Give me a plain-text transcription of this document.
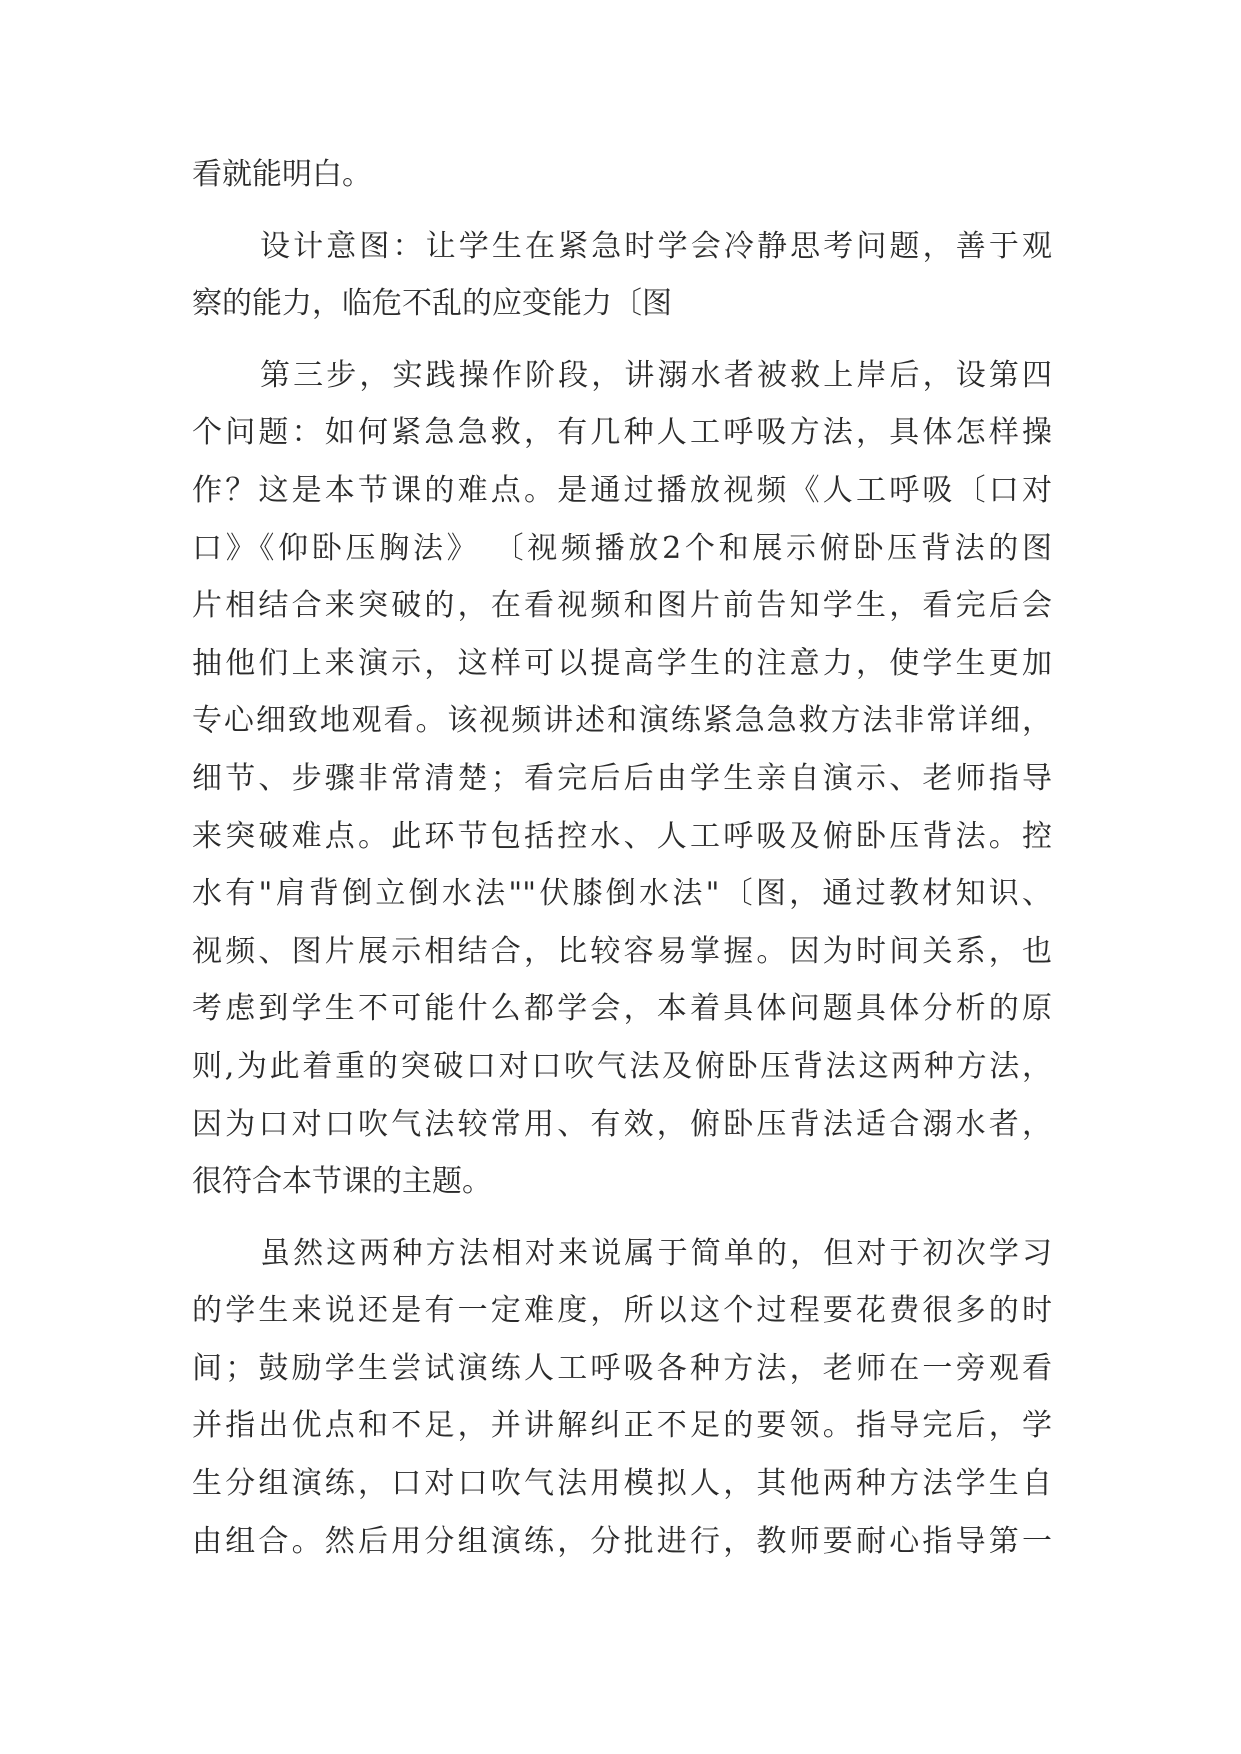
看就能明白。
设计意图：让学生在紧急时学会冷静思考问题，善于观
察的能力，临危不乱的应变能力〔图
第三步，实践操作阶段，讲溺水者被救上岸后，设第四
个问题：如何紧急急救，有几种人工呼吸方法，具体怎样操
作？这是本节课的难点。是通过播放视频《人工呼吸〔口对
口》《仰卧压胸法》 〔视频播放2个和展示俯卧压背法的图
片相结合来突破的，在看视频和图片前告知学生，看完后会
抽他们上来演示，这样可以提高学生的注意力，使学生更加
专心细致地观看。该视频讲述和演练紧急急救方法非常详细，
细节、步骤非常清楚；看完后后由学生亲自演示、老师指导
来突破难点。此环节包括控水、人工呼吸及俯卧压背法。控
水有"肩背倒立倒水法""伏膝倒水法"〔图，通过教材知识、
视频、图片展示相结合，比较容易掌握。因为时间关系，也
考虑到学生不可能什么都学会，本着具体问题具体分析的原
则,为此着重的突破口对口吹气法及俯卧压背法这两种方法，
因为口对口吹气法较常用、有效，俯卧压背法适合溺水者，
很符合本节课的主题。
虽然这两种方法相对来说属于简单的，但对于初次学习
的学生来说还是有一定难度，所以这个过程要花费很多的时
间；鼓励学生尝试演练人工呼吸各种方法，老师在一旁观看
并指出优点和不足，并讲解纠正不足的要领。指导完后，学
生分组演练，口对口吹气法用模拟人，其他两种方法学生自
由组合。然后用分组演练，分批进行，教师要耐心指导第一
